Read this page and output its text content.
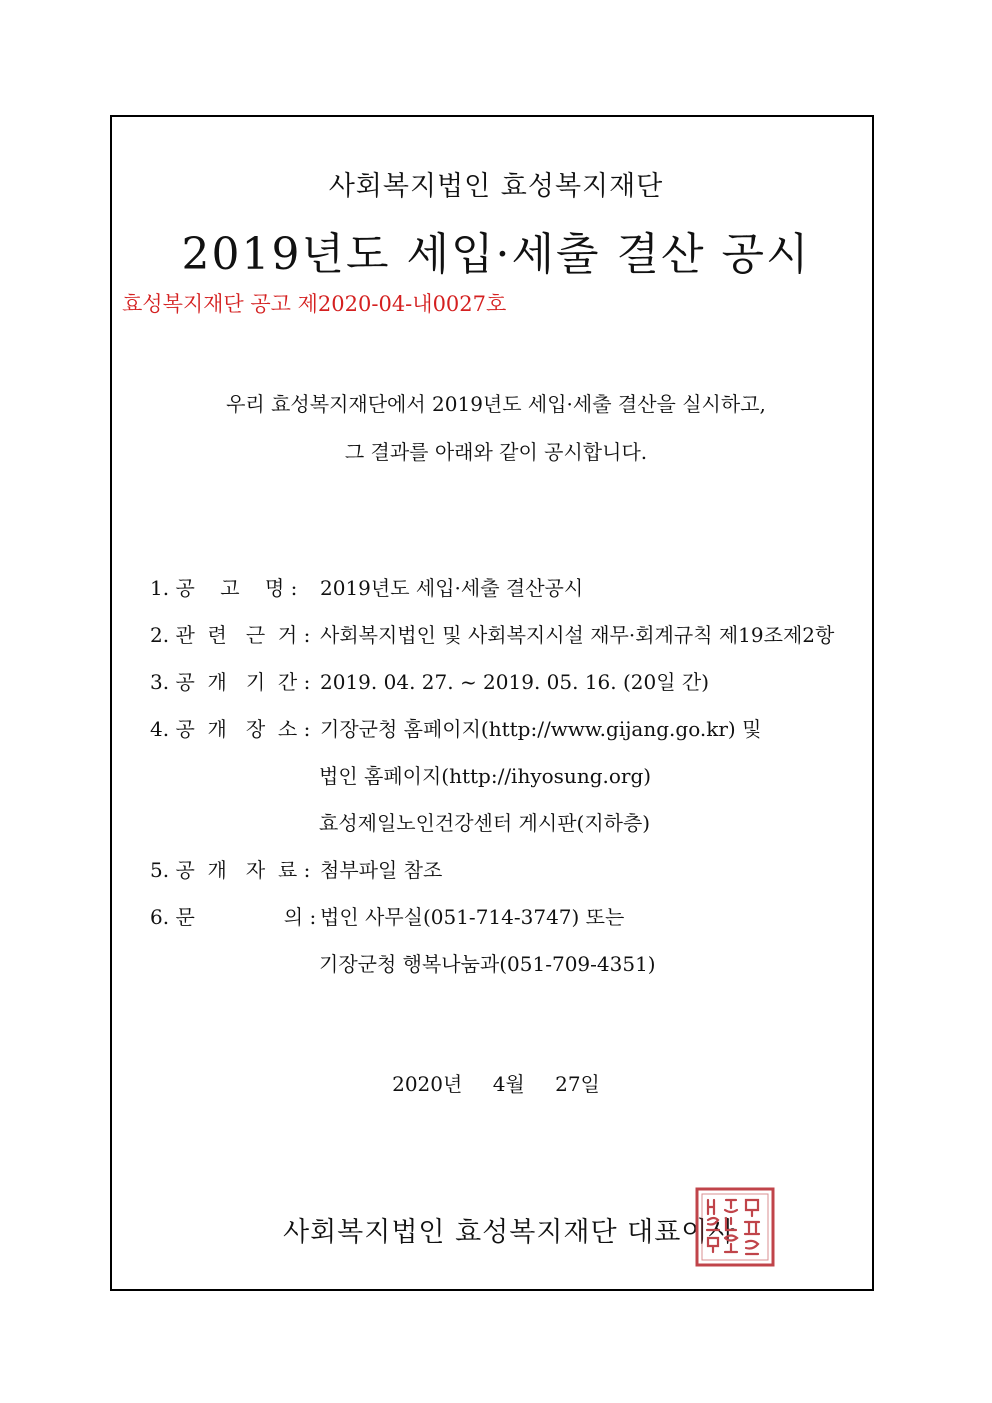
사회복지법인 효성복지재단
2019년도 세입·세출 결산 공시
효성복지재단 공고 제2020-04-내0027호
우리 효성복지재단에서 2019년도 세입·세출 결산을 실시하고,
그 결과를 아래와 같이 공시합니다.
1. 공    고    명 : 2019년도 세입·세출 결산공시
2. 관  련   근  거 : 사회복지법인 및 사회복지시설 재무·회계규칙 제19조제2항
3. 공  개   기  간 : 2019. 04. 27. ~ 2019. 05. 16. (20일 간)
4. 공  개   장  소 : 기장군청 홈페이지(http://www.gijang.go.kr) 및
법인 홈페이지(http://ihyosung.org)
효성제일노인건강센터 게시판(지하층)
5. 공  개   자  료 : 첨부파일 참조
6. 문              의 : 법인 사무실(051-714-3747) 또는
기장군청 행복나눔과(051-709-4351)
2020년 4월 27일
사회복지법인 효성복지재단 대표이사
